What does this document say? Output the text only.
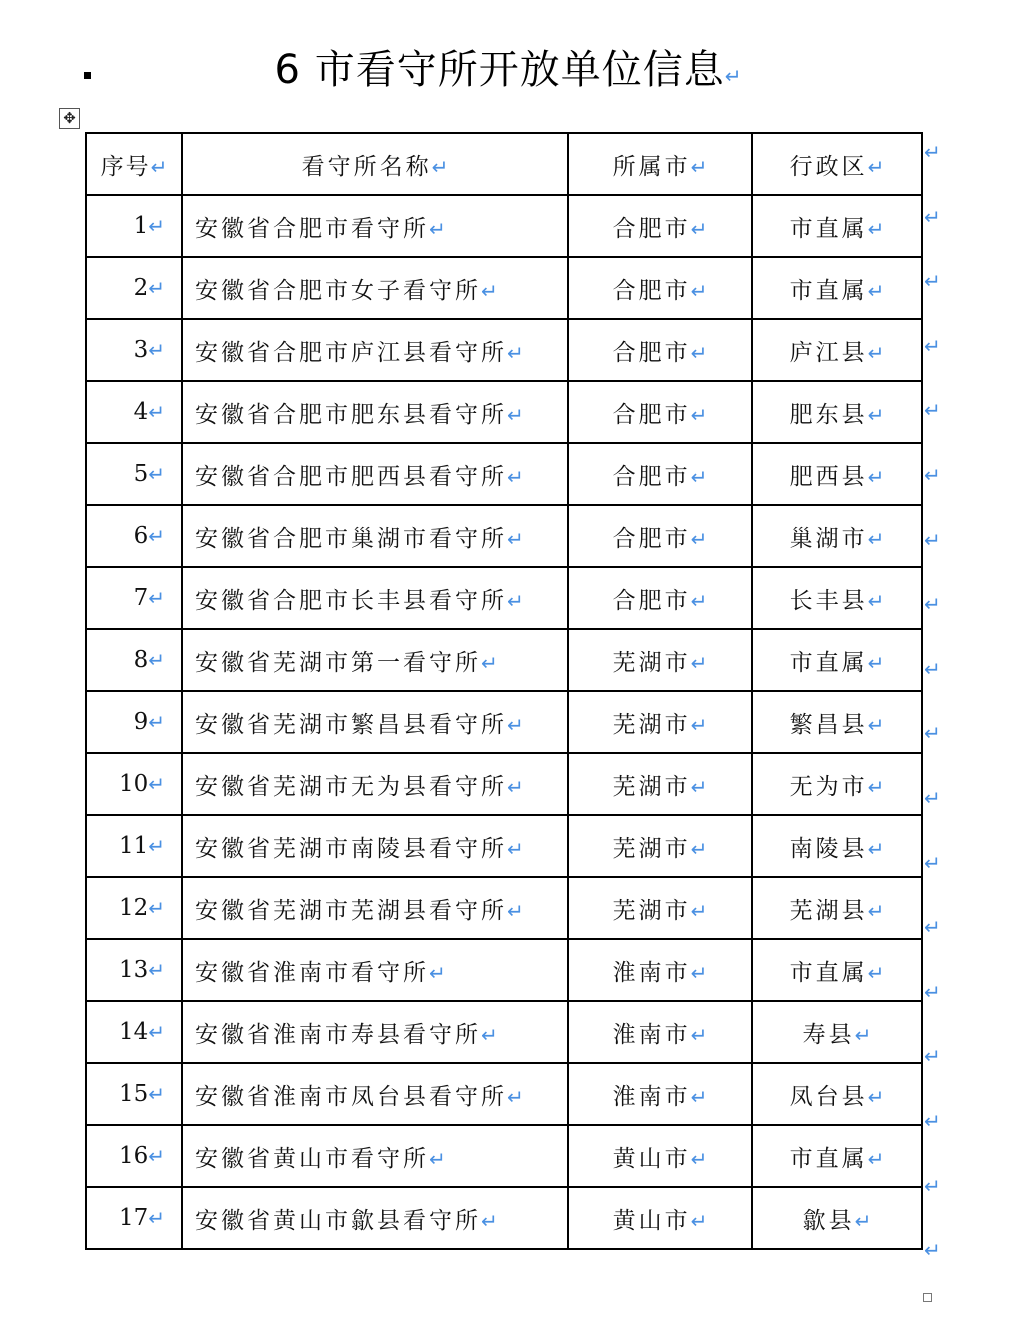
6 市看守所开放单位信息↵
✥
序号↵	看守所名称↵	所属市↵	行政区↵
1↵	安徽省合肥市看守所↵	合肥市↵	市直属↵
2↵	安徽省合肥市女子看守所↵	合肥市↵	市直属↵
3↵	安徽省合肥市庐江县看守所↵	合肥市↵	庐江县↵
4↵	安徽省合肥市肥东县看守所↵	合肥市↵	肥东县↵
5↵	安徽省合肥市肥西县看守所↵	合肥市↵	肥西县↵
6↵	安徽省合肥市巢湖市看守所↵	合肥市↵	巢湖市↵
7↵	安徽省合肥市长丰县看守所↵	合肥市↵	长丰县↵
8↵	安徽省芜湖市第一看守所↵	芜湖市↵	市直属↵
9↵	安徽省芜湖市繁昌县看守所↵	芜湖市↵	繁昌县↵
10↵	安徽省芜湖市无为县看守所↵	芜湖市↵	无为市↵
11↵	安徽省芜湖市南陵县看守所↵	芜湖市↵	南陵县↵
12↵	安徽省芜湖市芜湖县看守所↵	芜湖市↵	芜湖县↵
13↵	安徽省淮南市看守所↵	淮南市↵	市直属↵
14↵	安徽省淮南市寿县看守所↵	淮南市↵	寿县↵
15↵	安徽省淮南市凤台县看守所↵	淮南市↵	凤台县↵
16↵	安徽省黄山市看守所↵	黄山市↵	市直属↵
17↵	安徽省黄山市歙县看守所↵	黄山市↵	歙县↵
↵
↵
↵
↵
↵
↵
↵
↵
↵
↵
↵
↵
↵
↵
↵
↵
↵
↵
